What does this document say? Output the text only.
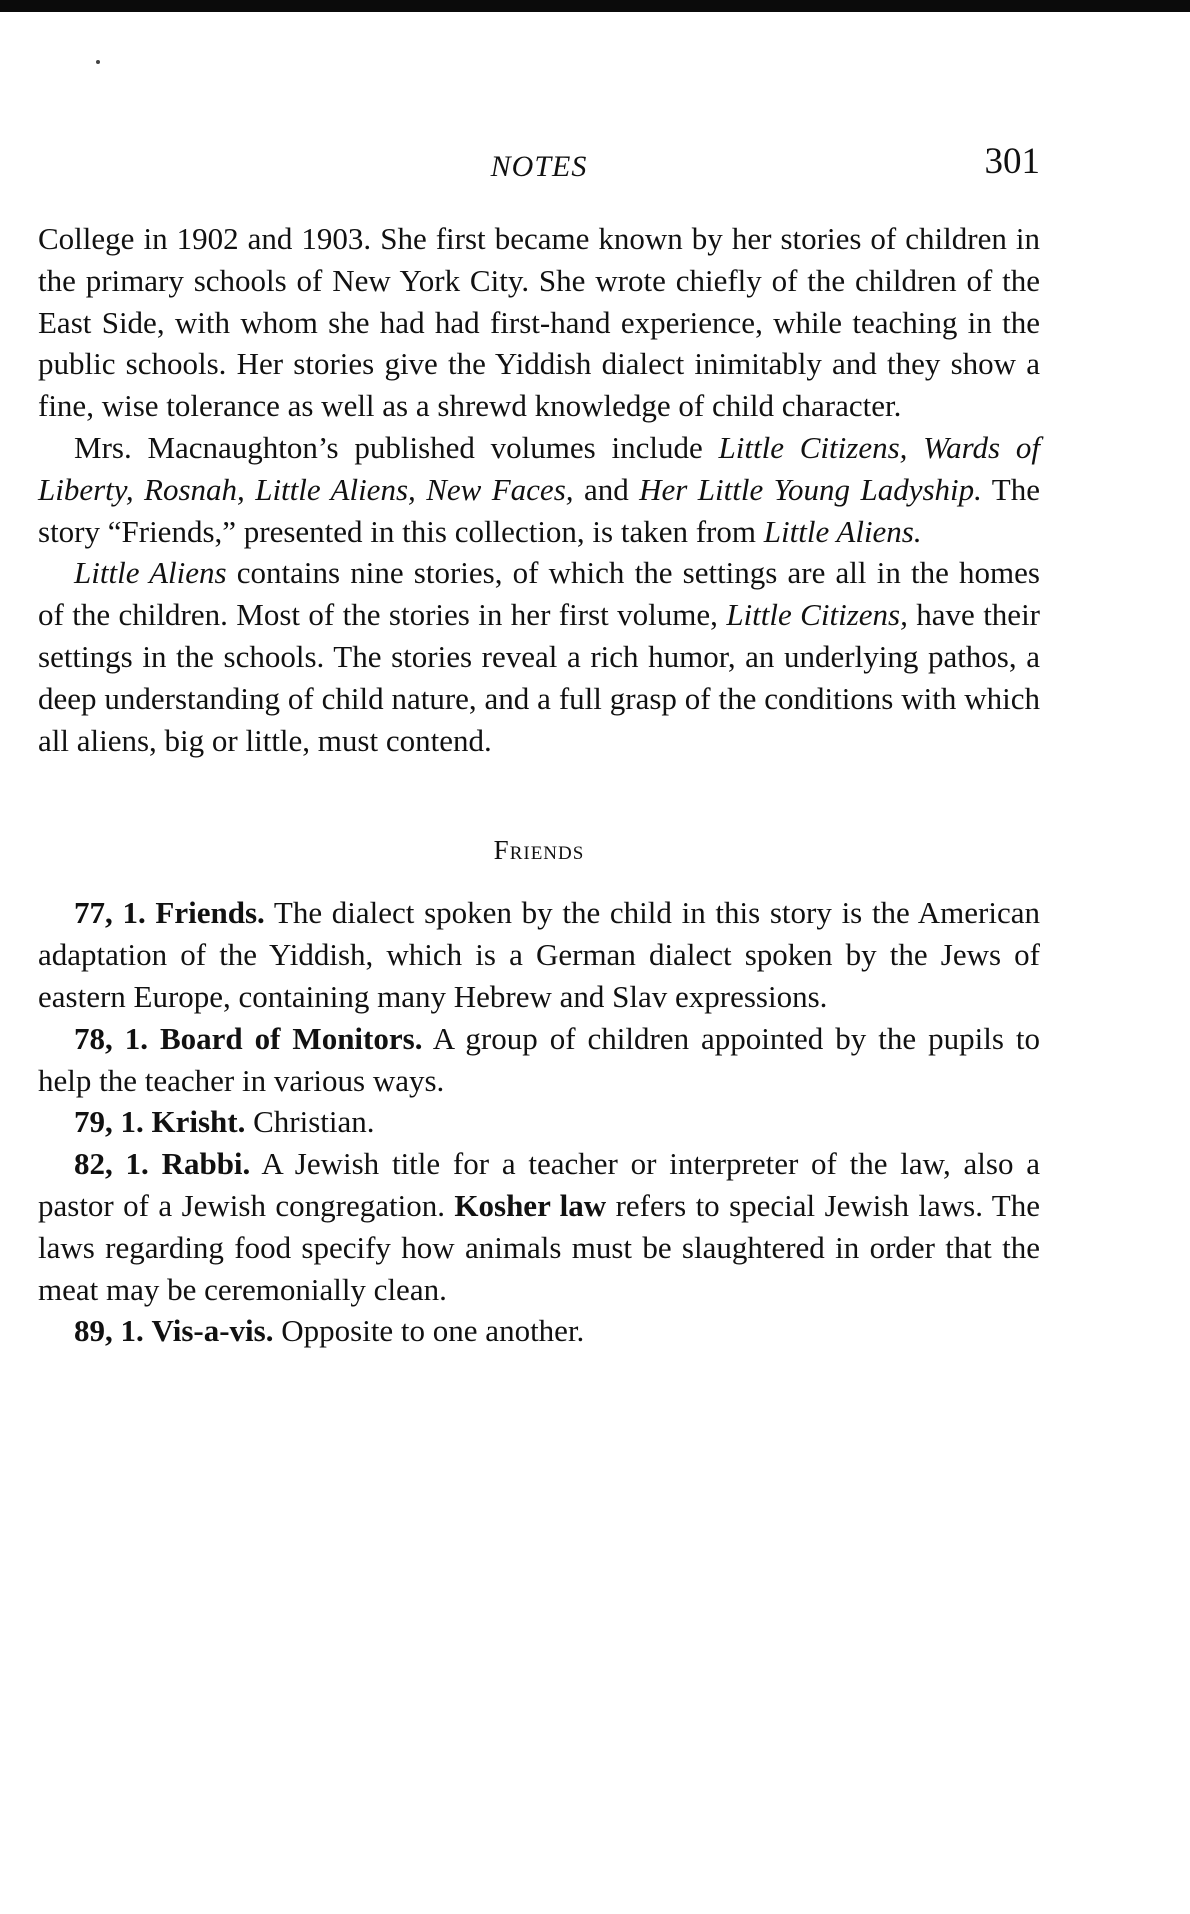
NOTES	301

College in 1902 and 1903. She first became known by her stories of children in the primary schools of New York City. She wrote chiefly of the children of the East Side, with whom she had had first-hand experience, while teaching in the public schools. Her stories give the Yiddish dialect inimitably and they show a fine, wise tolerance as well as a shrewd knowledge of child character.

Mrs. Macnaughton’s published volumes include Little Citizens, Wards of Liberty, Rosnah, Little Aliens, New Faces, and Her Little Young Ladyship. The story “Friends,” presented in this collection, is taken from Little Aliens.

Little Aliens contains nine stories, of which the settings are all in the homes of the children. Most of the stories in her first volume, Little Citizens, have their settings in the schools. The stories reveal a rich humor, an underlying pathos, a deep understanding of child nature, and a full grasp of the conditions with which all aliens, big or little, must contend.

Friends

77, 1. Friends. The dialect spoken by the child in this story is the American adaptation of the Yiddish, which is a German dialect spoken by the Jews of eastern Europe, containing many Hebrew and Slav expressions.

78, 1. Board of Monitors. A group of children appointed by the pupils to help the teacher in various ways.

79, 1. Krisht. Christian.

82, 1. Rabbi. A Jewish title for a teacher or interpreter of the law, also a pastor of a Jewish congregation. Kosher law refers to special Jewish laws. The laws regarding food specify how animals must be slaughtered in order that the meat may be ceremonially clean.

89, 1. Vis-a-vis. Opposite to one another.
